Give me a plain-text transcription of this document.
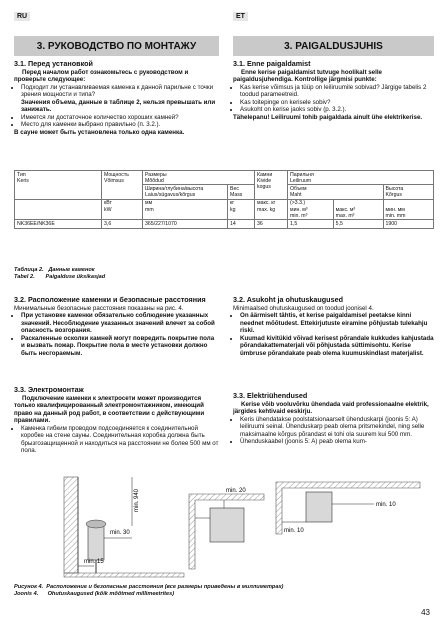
RU	ET
3. РУКОВОДСТВО ПО МОНТАЖУ	3. PAIGALDUSJUHIS

3.1. Перед установкой

Перед началом работ ознакомьтесь с руководством и проверьте следующее:

• Подходит ли устанавливаемая каменка к данной парильне с точки зрения мощности и типа?
Значения объема, данные в таблице 2, нельзя превышать или занижать.
• Имеется ли достаточное количество хороших камней?
• Место для каменки выбрано правильно (п. 3.2.).

В сауне может быть установлена только одна каменка.

3.1. Enne paigaldamist

Enne kerise paigaldamist tutvuge hoolikalt selle paigaldusjuhendiga. Kontrollige järgmisi punkte:

• Kas kerise võimsus ja tüüp on leiliruumile sobivad? Järgige tabelis 2 toodud parameetreid.
• Kas toitepinge on kerisele sobiv?
• Asukoht on kerise jaoks sobiv (p. 3.2.).

Tähelepanu! Leiliruumi tohib paigaldada ainult ühe elektrikerise.

Тип
Keris	Мощность
Võimsus	Размеры
Mõõdud		Камни
Kivide
kogus	Парильня
Leiliruum		
		Ширина/глубина/высота
Laius/sügavus/kõrgus	Вес
Mass		Объем
Maht		Высота
Kõrgus
	кВт
kW	мм
mm	кг
kg	макс. кг
max. kg	(>3.3.)
мин. м³
min. m³	макс. м³
max. m³	мин. мм
min. mm
NK36EE/NK36E	3,6	365/227/1070	14	36	1,5	5,5	1900
Таблица 2. Данные каменок
Tabel 2. Paigalduse üksikasjad

3.2. Расположение каменки и безопасные расстояния

Минимальные безопасные расстояния показаны на рис. 4.

• При установке каменки обязательно соблюдение указанных значений. Несоблюдение указанных значений влечет за собой опасность возгорания.
• Раскаленные осколки камней могут повредить покрытие пола и вызвать пожар. Покрытие пола в месте установки должно быть несгораемым.

3.3. Электромонтаж

Подключение каменки к электросети может производится только квалифицированный электромонтажником, имеющий право на данный род работ, в соответствии с действующими правилами.

• Каменка гибким проводом подсоединяется к соединительной коробке на стене сауны. Соединительная коробка должна быть брызгозащищенной и находиться на расстоянии не более 500 мм от пола.

3.2. Asukoht ja ohutuskaugused

Minimaalsed ohutuskaugused on toodud joonisel 4.

• On äärmiselt tähtis, et kerise paigaldamisel peetakse kinni neednet mõõtudest. Ettekirjutuste eiramine põhjustab tulekahju riski.
• Kuumad kivitükid võivad kerisest põrandale kukkudes kahjustada põrandakattematerjali või põhjustada süttimisohtu. Kerise ümbruse põrandakate peab olema kuumuskindlast materjalist.

3.3. Elektriühendused

Kerise võib vooluvõrku ühendada vaid professionaalne elektrik, järgides kehtivaid eeskirju.

• Keris ühendatakse poolstatsionaarselt ühenduskarpi (joonis 5: A) leiliruumi seinal. Ühenduskarp peab olema pritsmekindel, ning selle maksimaalne kõrgus põrandast ei tohi ola suurem kui 500 mm.
• Ühenduskaabel (joonis 5: A) peab olema kum-
min. 940
min. 30
min. 15
min. 20
min. 10
min. 10
Рисунок 4. Расположение и безопасные расстояния (все размеры приведены в миллиметрах)
Joonis 4. Ohutuskaugused (kõik mõõtmed millimeetrites)
43
